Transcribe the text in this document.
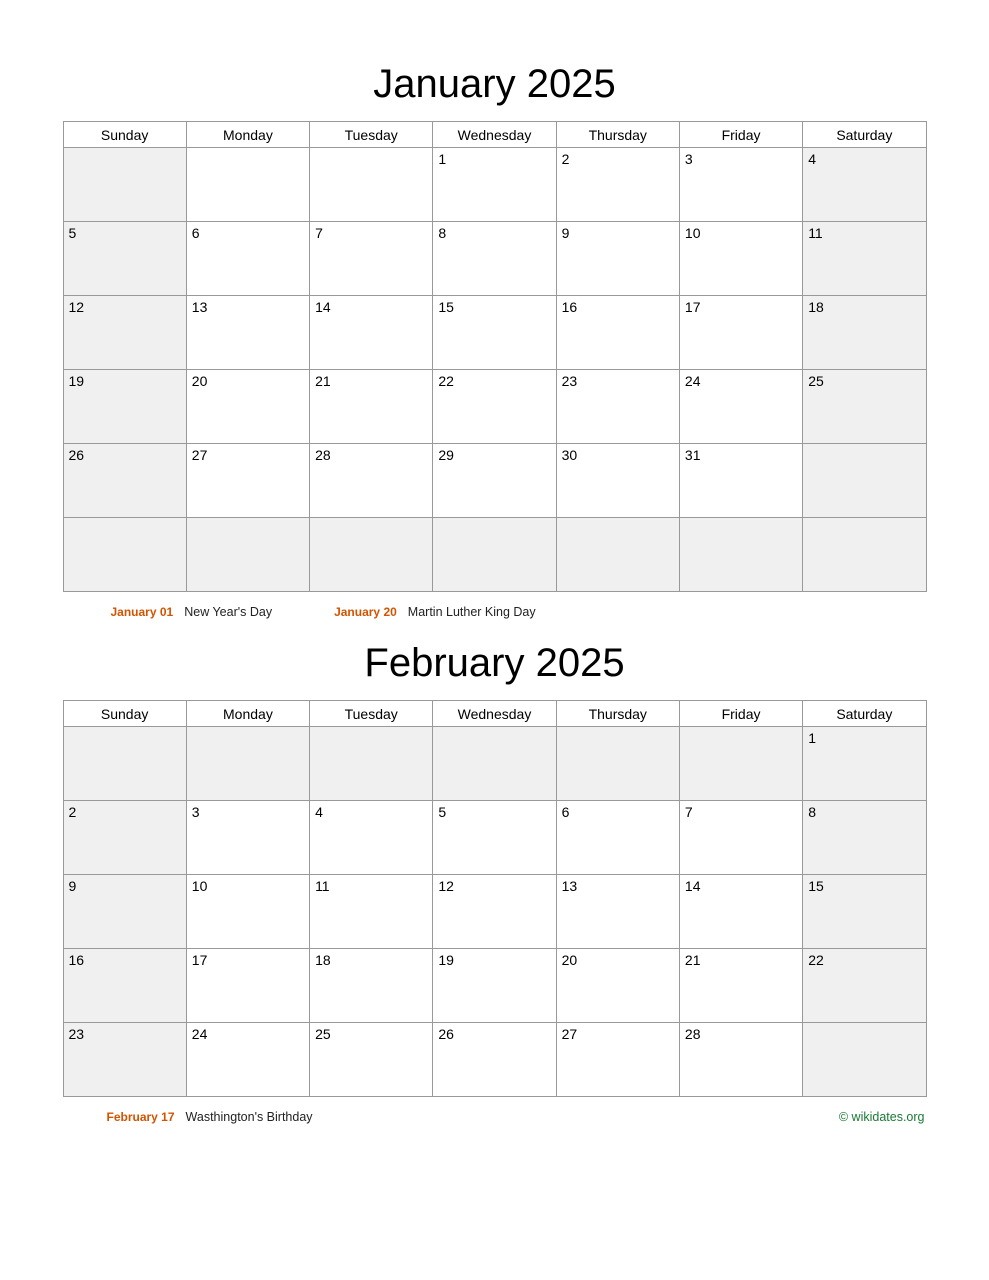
January 2025
Sunday	Monday	Tuesday	Wednesday	Thursday	Friday	Saturday
			1	2	3	4
5	6	7	8	9	10	11
12	13	14	15	16	17	18
19	20	21	22	23	24	25
26	27	28	29	30	31	

January 01 New Year's Day	January 20 Martin Luther King Day
February 2025
Sunday	Monday	Tuesday	Wednesday	Thursday	Friday	Saturday
						1
2	3	4	5	6	7	8
9	10	11	12	13	14	15
16	17	18	19	20	21	22
23	24	25	26	27	28	
February 17 Wasthington's Birthday	© wikidates.org
